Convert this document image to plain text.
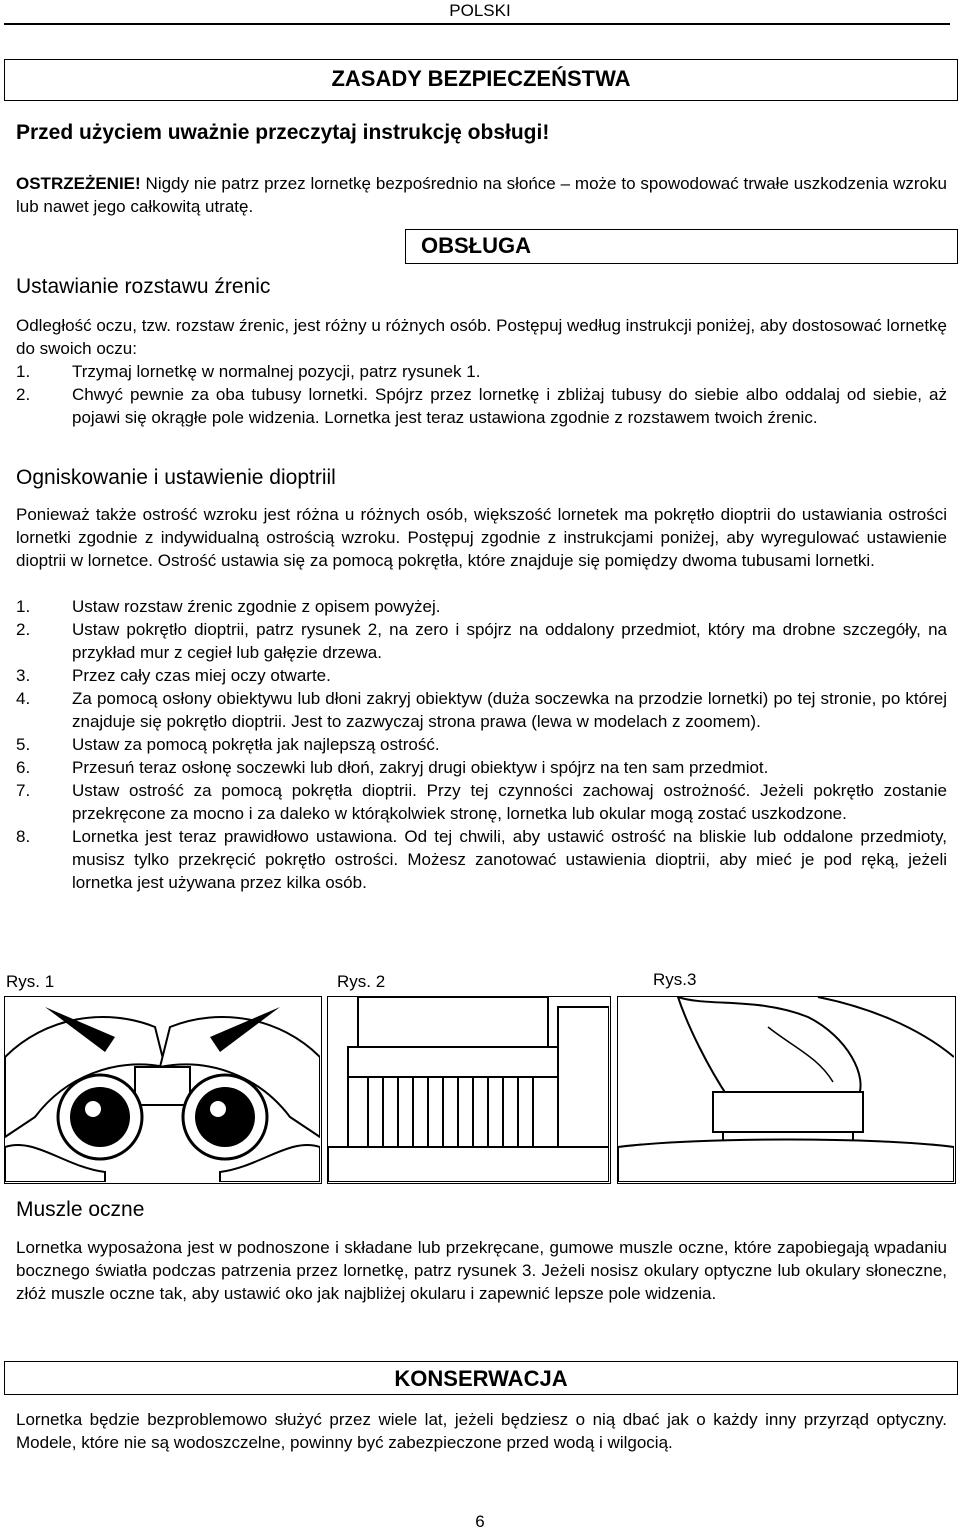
POLSKI
ZASADY BEZPIECZEŃSTWA
Przed użyciem uważnie przeczytaj instrukcję obsługi!
OSTRZEŻENIE! Nigdy nie patrz przez lornetkę bezpośrednio na słońce – może to spowodować trwałe uszkodzenia wzroku lub nawet jego całkowitą utratę.
OBSŁUGA
Ustawianie rozstawu źrenic
Odległość oczu, tzw. rozstaw źrenic, jest różny u różnych osób. Postępuj według instrukcji poniżej, aby dostosować lornetkę do swoich oczu:
1. Trzymaj lornetkę w normalnej pozycji, patrz rysunek 1.
2. Chwyć pewnie za oba tubusy lornetki. Spójrz przez lornetkę i zbliżaj tubusy do siebie albo oddalaj od siebie, aż pojawi się okrągłe pole widzenia. Lornetka jest teraz ustawiona zgodnie z rozstawem twoich źrenic.
Ogniskowanie i ustawienie dioptriil
Ponieważ także ostrość wzroku jest różna u różnych osób, większość lornetek ma pokrętło dioptrii do ustawiania ostrości lornetki zgodnie z indywidualną ostrością wzroku. Postępuj zgodnie z instrukcjami poniżej, aby wyregulować ustawienie dioptrii w lornetce. Ostrość ustawia się za pomocą pokrętła, które znajduje się pomiędzy dwoma tubusami lornetki.
1. Ustaw rozstaw źrenic zgodnie z opisem powyżej.
2. Ustaw pokrętło dioptrii, patrz rysunek 2, na zero i spójrz na oddalony przedmiot, który ma drobne szczegóły, na przykład mur z cegieł lub gałęzie drzewa.
3. Przez cały czas miej oczy otwarte.
4. Za pomocą osłony obiektywu lub dłoni zakryj obiektyw (duża soczewka na przodzie lornetki) po tej stronie, po której znajduje się pokrętło dioptrii. Jest to zazwyczaj strona prawa (lewa w modelach z zoomem).
5. Ustaw za pomocą pokrętła jak najlepszą ostrość.
6. Przesuń teraz osłonę soczewki lub dłoń, zakryj drugi obiektyw i spójrz na ten sam przedmiot.
7. Ustaw ostrość za pomocą pokrętła dioptrii. Przy tej czynności zachowaj ostrożność. Jeżeli pokrętło zostanie przekręcone za mocno i za daleko w którąkolwiek stronę, lornetka lub okular mogą zostać uszkodzone.
8. Lornetka jest teraz prawidłowo ustawiona. Od tej chwili, aby ustawić ostrość na bliskie lub oddalone przedmioty, musisz tylko przekręcić pokrętło ostrości. Możesz zanotować ustawienia dioptrii, aby mieć je pod ręką, jeżeli lornetka jest używana przez kilka osób.
Rys. 1	Rys. 2	Rys.3
Muszle oczne
Lornetka wyposażona jest w podnoszone i składane lub przekręcane, gumowe muszle oczne, które zapobiegają wpadaniu bocznego światła podczas patrzenia przez lornetkę, patrz rysunek 3. Jeżeli nosisz okulary optyczne lub okulary słoneczne, złóż muszle oczne tak, aby ustawić oko jak najbliżej okularu i zapewnić lepsze pole widzenia.
KONSERWACJA
Lornetka będzie bezproblemowo służyć przez wiele lat, jeżeli będziesz o nią dbać jak o każdy inny przyrząd optyczny. Modele, które nie są wodoszczelne, powinny być zabezpieczone przed wodą i wilgocią.
6
